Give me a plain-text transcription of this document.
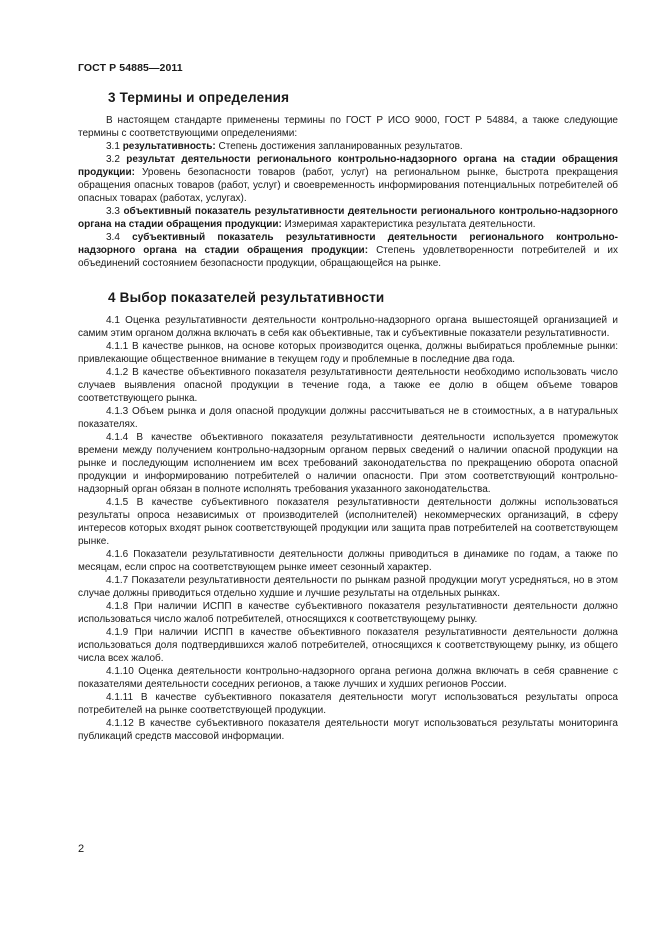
ГОСТ Р 54885—2011
3 Термины и определения

В настоящем стандарте применены термины по ГОСТ Р ИСО 9000, ГОСТ Р 54884, а также следующие термины с соответствующими определениями:

3.1 результативность: Степень достижения запланированных результатов.

3.2 результат деятельности регионального контрольно-надзорного органа на стадии обращения продукции: Уровень безопасности товаров (работ, услуг) на региональном рынке, быстрота прекращения обращения опасных товаров (работ, услуг) и своевременность информирования потенциальных потребителей об опасных товарах (работах, услугах).

3.3 объективный показатель результативности деятельности регионального контрольно-надзорного органа на стадии обращения продукции: Измеримая характеристика результата деятельности.

3.4 субъективный показатель результативности деятельности регионального контрольно-надзорного органа на стадии обращения продукции: Степень удовлетворенности потребителей и их объединений состоянием безопасности продукции, обращающейся на рынке.

4 Выбор показателей результативности

4.1 Оценка результативности деятельности контрольно-надзорного органа вышестоящей организацией и самим этим органом должна включать в себя как объективные, так и субъективные показатели результативности.

4.1.1 В качестве рынков, на основе которых производится оценка, должны выбираться проблемные рынки: привлекающие общественное внимание в текущем году и проблемные в последние два года.

4.1.2 В качестве объективного показателя результативности деятельности необходимо использовать число случаев выявления опасной продукции в течение года, а также ее долю в общем объеме товаров соответствующего рынка.

4.1.3 Объем рынка и доля опасной продукции должны рассчитываться не в стоимостных, а в натуральных показателях.

4.1.4 В качестве объективного показателя результативности деятельности используется промежуток времени между получением контрольно-надзорным органом первых сведений о наличии опасной продукции на рынке и последующим исполнением им всех требований законодательства по прекращению оборота опасной продукции и информированию потребителей о наличии опасности. При этом соответствующий контрольно-надзорный орган обязан в полноте исполнять требования указанного законодательства.

4.1.5 В качестве субъективного показателя результативности деятельности должны использоваться результаты опроса независимых от производителей (исполнителей) некоммерческих организаций, в сферу интересов которых входят рынок соответствующей продукции или защита прав потребителей на соответствующем рынке.

4.1.6 Показатели результативности деятельности должны приводиться в динамике по годам, а также по месяцам, если спрос на соответствующем рынке имеет сезонный характер.

4.1.7 Показатели результативности деятельности по рынкам разной продукции могут усредняться, но в этом случае должны приводиться отдельно худшие и лучшие результаты на отдельных рынках.

4.1.8 При наличии ИСПП в качестве субъективного показателя результативности деятельности должно использоваться число жалоб потребителей, относящихся к соответствующему рынку.

4.1.9 При наличии ИСПП в качестве объективного показателя результативности деятельности должна использоваться доля подтвердившихся жалоб потребителей, относящихся к соответствующему рынку, из общего числа всех жалоб.

4.1.10 Оценка деятельности контрольно-надзорного органа региона должна включать в себя сравнение с показателями деятельности соседних регионов, а также лучших и худших регионов России.

4.1.11 В качестве субъективного показателя деятельности могут использоваться результаты опроса потребителей на рынке соответствующей продукции.

4.1.12 В качестве субъективного показателя деятельности могут использоваться результаты мониторинга публикаций средств массовой информации.

2
